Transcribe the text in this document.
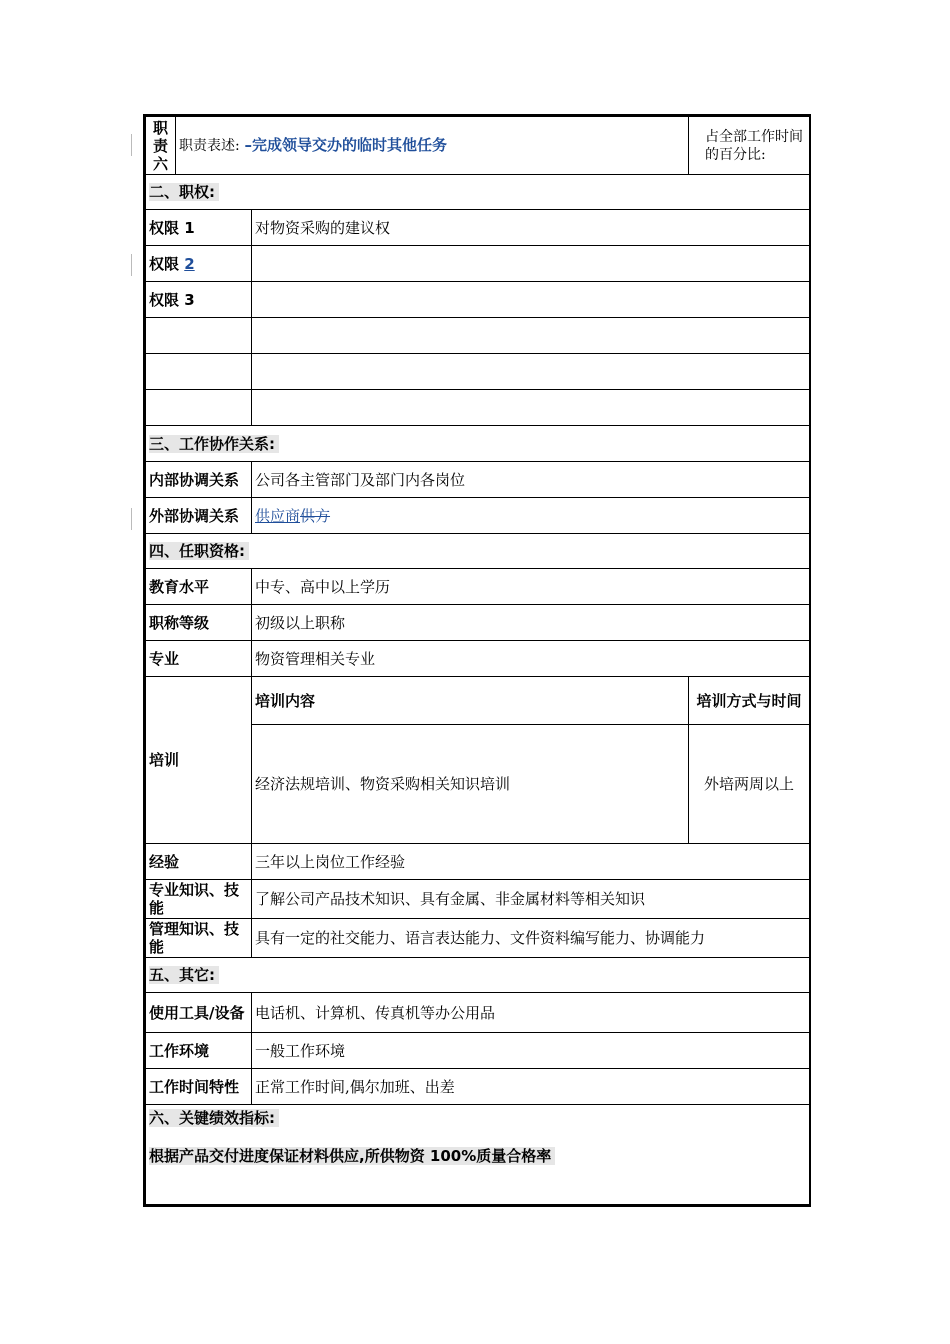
职
责
六	职责表述: –完成领导交办的临时其他任务		占全部工作时间的百分比:
二、职权:			
权限 1		对物资采购的建议权	
权限 2			
权限 3			

三、工作协作关系:			
内部协调关系		公司各主管部门及部门内各岗位	
外部协调关系		供应商供方	
四、任职资格:			
教育水平		中专、高中以上学历	
职称等级		初级以上职称	
专业		物资管理相关专业	
培训		培训内容	培训方式与时间
		经济法规培训、物资采购相关知识培训	外培两周以上
经验		三年以上岗位工作经验	
专业知识、技能		了解公司产品技术知识、具有金属、非金属材料等相关知识	
管理知识、技能		具有一定的社交能力、语言表达能力、文件资料编写能力、协调能力	
五、其它:			
使用工具/设备		电话机、计算机、传真机等办公用品	
工作环境		一般工作环境	
工作时间特性		正常工作时间,偶尔加班、出差	

六、关键绩效指标:
根据产品交付进度保证材料供应,所供物资 100%质量合格率			
